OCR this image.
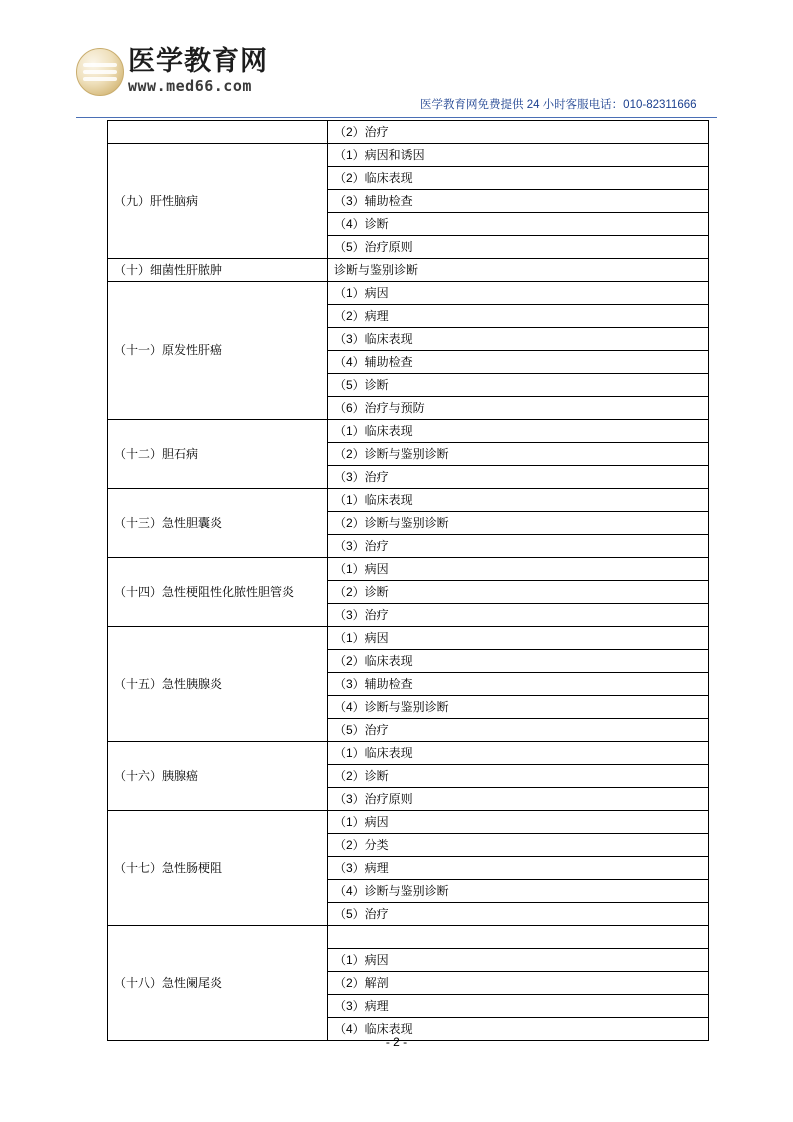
医学教育网
www.med66.com
医学教育网免费提供 24 小时客服电话：010-82311666
	（2）治疗
（九）肝性脑病	（1）病因和诱因
	（2）临床表现
	（3）辅助检查
	（4）诊断
	（5）治疗原则
（十）细菌性肝脓肿	诊断与鉴别诊断
（十一）原发性肝癌	（1）病因
	（2）病理
	（3）临床表现
	（4）辅助检查
	（5）诊断
	（6）治疗与预防
（十二）胆石病	（1）临床表现
	（2）诊断与鉴别诊断
	（3）治疗
（十三）急性胆囊炎	（1）临床表现
	（2）诊断与鉴别诊断
	（3）治疗
（十四）急性梗阻性化脓性胆管炎	（1）病因
	（2）诊断
	（3）治疗
（十五）急性胰腺炎	（1）病因
	（2）临床表现
	（3）辅助检查
	（4）诊断与鉴别诊断
	（5）治疗
（十六）胰腺癌	（1）临床表现
	（2）诊断
	（3）治疗原则
（十七）急性肠梗阻	（1）病因
	（2）分类
	（3）病理
	（4）诊断与鉴别诊断
	（5）治疗
（十八）急性阑尾炎	
	（1）病因
	（2）解剖
	（3）病理
	（4）临床表现
- 2 -
